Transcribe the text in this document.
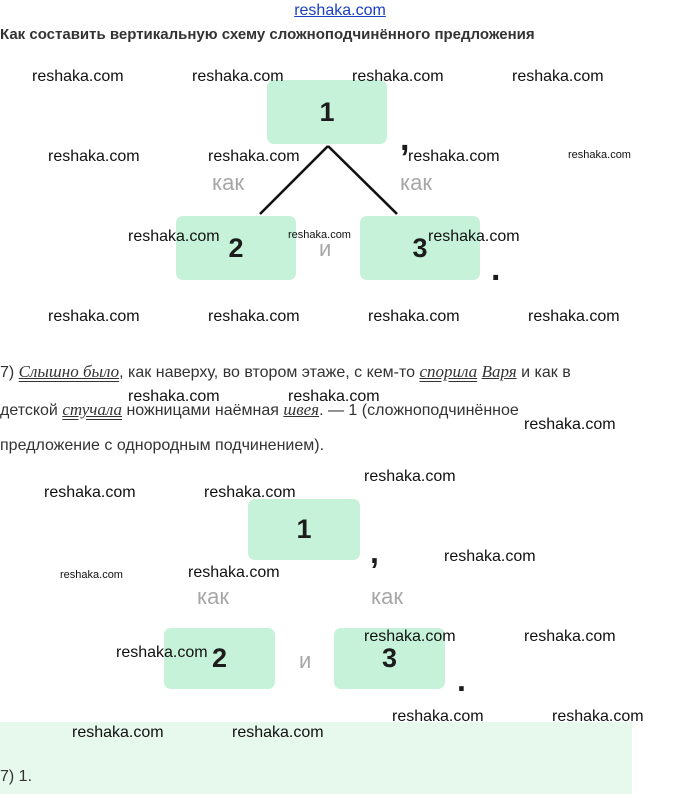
reshaka.com
Как составить вертикальную схему сложноподчинённого предложения
1
2	3
как	как
и
,
.
7) Слышно было, как наверху, во втором этаже, с кем-то спорила Варя и как в
детской стучала ножницами наёмная швея. — 1 (сложноподчинённое
предложение с однородным подчинением).
1
2	3
как	как
и
,
.
7) 1.
reshaka.com	reshaka.com	reshaka.com	reshaka.com
reshaka.com	reshaka.com	reshaka.com	reshaka.com
reshaka.com	reshaka.com	reshaka.com
reshaka.com	reshaka.com	reshaka.com	reshaka.com
reshaka.com	reshaka.com
reshaka.com
reshaka.com
reshaka.com	reshaka.com
reshaka.com
reshaka.com	reshaka.com
reshaka.com	reshaka.com
reshaka.com
reshaka.com	reshaka.com
reshaka.com	reshaka.com
